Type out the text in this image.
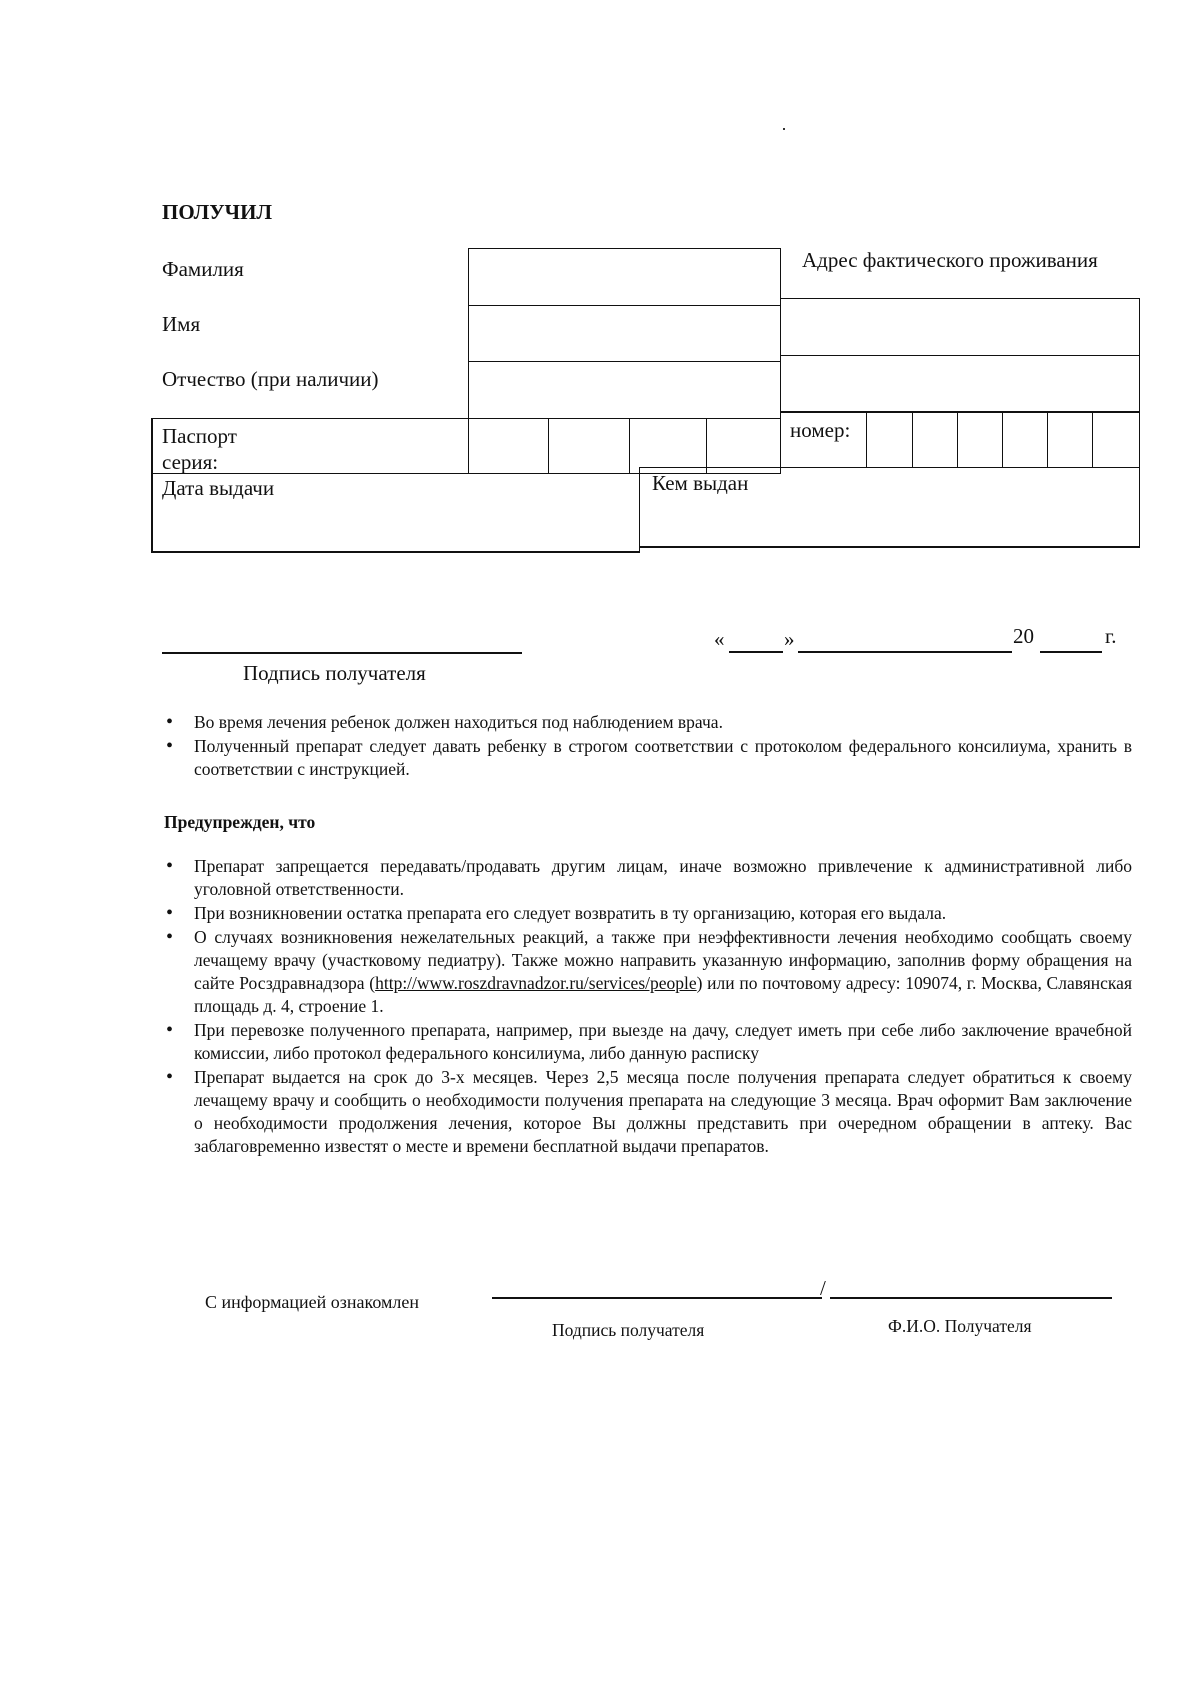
ПОЛУЧИЛ
Фамилия
Имя
Отчество (при наличии)
Адрес фактического проживания
Паспорт
серия:
номер:
Дата выдачи	Кем выдан
Подпись получателя
«	»	20	г.
• Во время лечения ребенок должен находиться под наблюдением врача.
• Полученный препарат следует давать ребенку в строгом соответствии с протоколом федерального консилиума, хранить в соответствии с инструкцией.
Предупрежден, что
• Препарат запрещается передавать/продавать другим лицам, иначе возможно привлечение к административной либо уголовной ответственности.
• При возникновении остатка препарата его следует возвратить в ту организацию, которая его выдала.
• О случаях возникновения нежелательных реакций, а также при неэффективности лечения необходимо сообщать своему лечащему врачу (участковому педиатру). Также можно направить указанную информацию, заполнив форму обращения на сайте Росздравнадзора (http://www.roszdravnadzor.ru/services/people) или по почтовому адресу: 109074, г. Москва, Славянская площадь д. 4, строение 1.
• При перевозке полученного препарата, например, при выезде на дачу, следует иметь при себе либо заключение врачебной комиссии, либо протокол федерального консилиума, либо данную расписку
• Препарат выдается на срок до 3-х месяцев. Через 2,5 месяца после получения препарата следует обратиться к своему лечащему врачу и сообщить о необходимости получения препарата на следующие 3 месяца. Врач оформит Вам заключение о необходимости продолжения лечения, которое Вы должны представить при очередном обращении в аптеку. Вас заблаговременно известят о месте и времени бесплатной выдачи препаратов.
С информацией ознакомлен
/
Подпись получателя	Ф.И.О. Получателя
